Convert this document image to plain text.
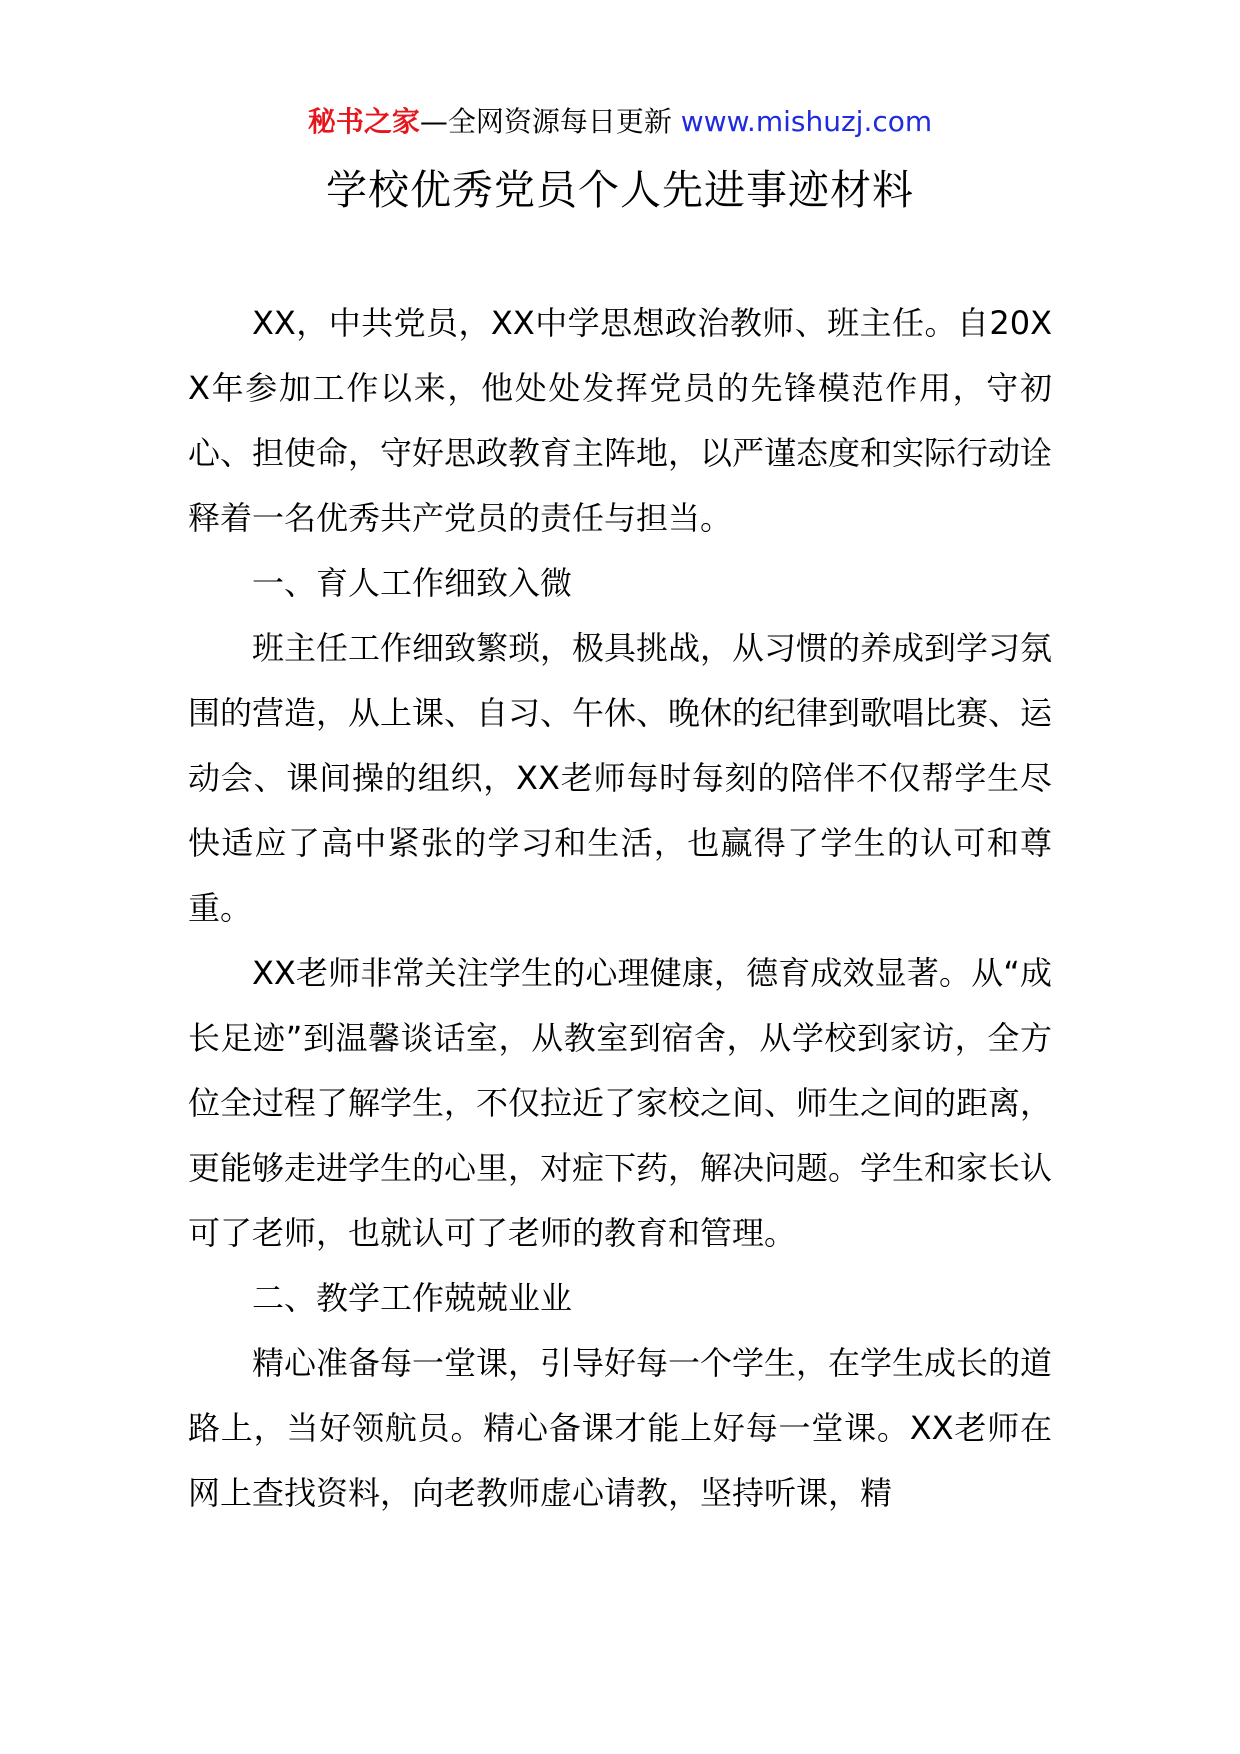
秘书之家—全网资源每日更新 www.mishuzj.com
学校优秀党员个人先进事迹材料

XX，中共党员，XX中学思想政治教师、班主任。自20XX年参加工作以来，他处处发挥党员的先锋模范作用，守初心、担使命，守好思政教育主阵地，以严谨态度和实际行动诠释着一名优秀共产党员的责任与担当。

一、育人工作细致入微

班主任工作细致繁琐，极具挑战，从习惯的养成到学习氛围的营造，从上课、自习、午休、晚休的纪律到歌唱比赛、运动会、课间操的组织，XX老师每时每刻的陪伴不仅帮学生尽快适应了高中紧张的学习和生活，也赢得了学生的认可和尊重。

XX老师非常关注学生的心理健康，德育成效显著。从“成长足迹”到温馨谈话室，从教室到宿舍，从学校到家访，全方位全过程了解学生，不仅拉近了家校之间、师生之间的距离，更能够走进学生的心里，对症下药，解决问题。学生和家长认可了老师，也就认可了老师的教育和管理。

二、教学工作兢兢业业

精心准备每一堂课，引导好每一个学生，在学生成长的道路上，当好领航员。精心备课才能上好每一堂课。XX老师在网上查找资料，向老教师虚心请教，坚持听课，精
